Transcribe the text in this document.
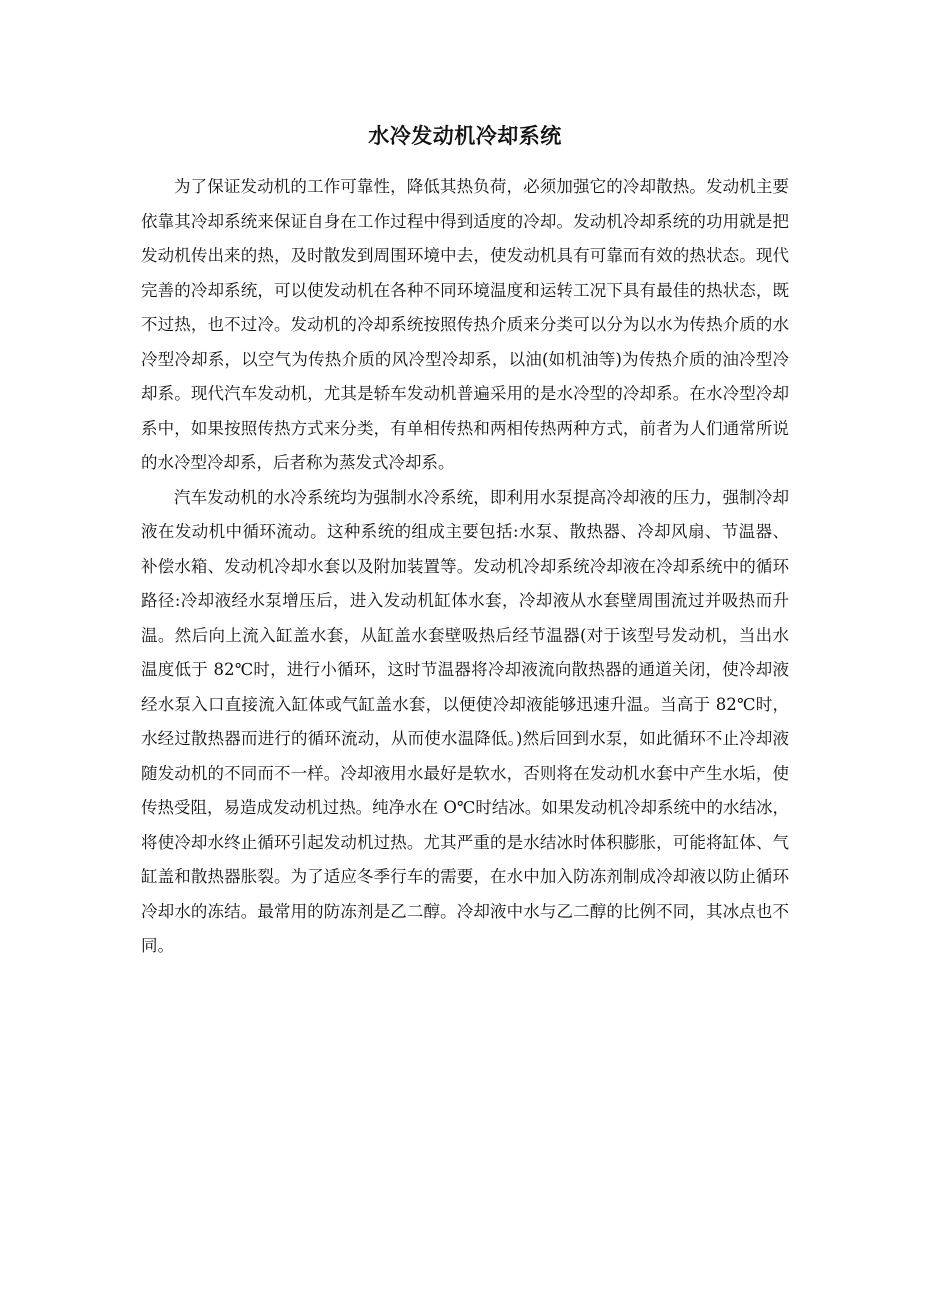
水冷发动机冷却系统

为了保证发动机的工作可靠性，降低其热负荷，必须加强它的冷却散热。发动机主要依靠其冷却系统来保证自身在工作过程中得到适度的冷却。发动机冷却系统的功用就是把发动机传出来的热，及时散发到周围环境中去，使发动机具有可靠而有效的热状态。现代完善的冷却系统，可以使发动机在各种不同环境温度和运转工况下具有最佳的热状态，既不过热，也不过冷。发动机的冷却系统按照传热介质来分类可以分为以水为传热介质的水冷型冷却系，以空气为传热介质的风冷型冷却系，以油(如机油等)为传热介质的油冷型冷却系。现代汽车发动机，尤其是轿车发动机普遍采用的是水冷型的冷却系。在水冷型冷却系中，如果按照传热方式来分类，有单相传热和两相传热两种方式，前者为人们通常所说的水冷型冷却系，后者称为蒸发式冷却系。

汽车发动机的水冷系统均为强制水冷系统，即利用水泵提高冷却液的压力，强制冷却液在发动机中循环流动。这种系统的组成主要包括:水泵、散热器、冷却风扇、节温器、补偿水箱、发动机冷却水套以及附加装置等。发动机冷却系统冷却液在冷却系统中的循环路径:冷却液经水泵增压后，进入发动机缸体水套，冷却液从水套壁周围流过并吸热而升温。然后向上流入缸盖水套，从缸盖水套壁吸热后经节温器(对于该型号发动机，当出水温度低于 82℃时，进行小循环，这时节温器将冷却液流向散热器的通道关闭，使冷却液经水泵入口直接流入缸体或气缸盖水套，以便使冷却液能够迅速升温。当高于 82℃时，水经过散热器而进行的循环流动，从而使水温降低。)然后回到水泵，如此循环不止冷却液随发动机的不同而不一样。冷却液用水最好是软水，否则将在发动机水套中产生水垢，使传热受阻，易造成发动机过热。纯净水在 O℃时结冰。如果发动机冷却系统中的水结冰，将使冷却水终止循环引起发动机过热。尤其严重的是水结冰时体积膨胀，可能将缸体、气缸盖和散热器胀裂。为了适应冬季行车的需要，在水中加入防冻剂制成冷却液以防止循环冷却水的冻结。最常用的防冻剂是乙二醇。冷却液中水与乙二醇的比例不同，其冰点也不同。
